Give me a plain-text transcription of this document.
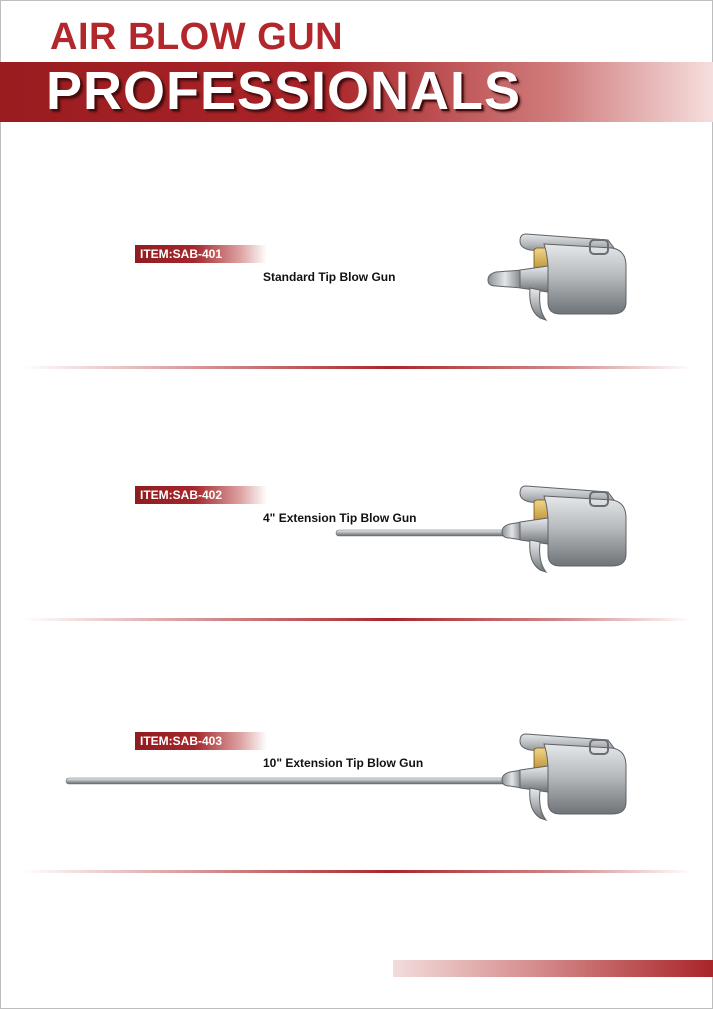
AIR BLOW GUN
PROFESSIONALS
ITEM:SAB-401
Standard Tip Blow Gun
ITEM:SAB-402
4" Extension Tip Blow Gun
ITEM:SAB-403
10" Extension Tip Blow Gun
